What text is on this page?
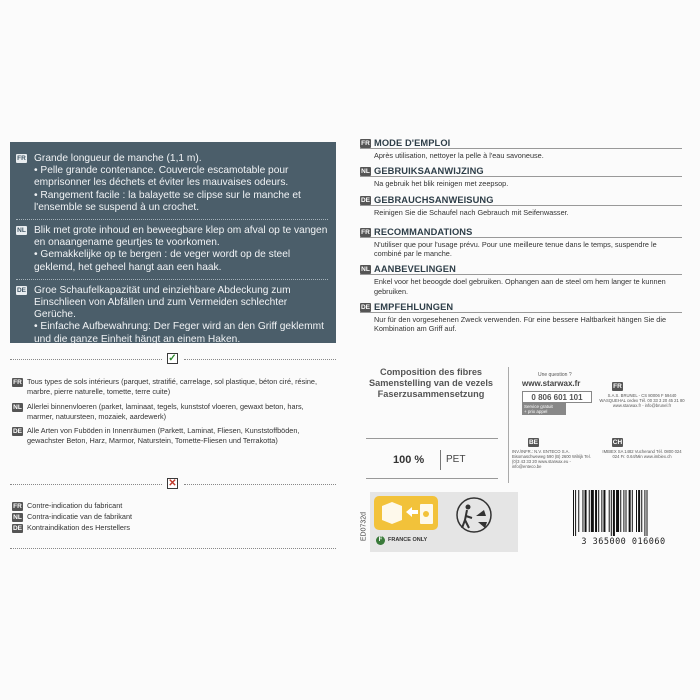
FR Grande longueur de manche (1,1 m).

• Pelle grande contenance. Couvercle escamotable pour emprisonner les déchets et éviter les mauvaises odeurs.

• Rangement facile : la balayette se clipse sur le manche et l'ensemble se suspend à un crochet.

NL Blik met grote inhoud en beweegbare klep om afval op te vangen en onaangename geurtjes te voorkomen.

• Gemakkelijke op te bergen : de veger wordt op de steel geklemd, het geheel hangt aan een haak.

DE Groe Schaufelkapazität und einziehbare Abdeckung zum Einschlieen von Abfällen und zum Vermeiden schlechter Gerüche.

• Einfache Aufbewahrung: Der Feger wird an den Griff geklemmt und die ganze Einheit hängt an einem Haken.

✓
FR Tous types de sols intérieurs (parquet, stratifié, carrelage, sol plastique, béton ciré, résine, marbre, pierre naturelle, tomette, terre cuite)

NL Allerlei binnenvloeren (parket, laminaat, tegels, kunststof vloeren, gewaxt beton, hars, marmer, natuursteen, mozaiek, aardewerk)

DE Alle Arten von Fuböden in Innenräumen (Parkett, Laminat, Fliesen, Kunststoffböden, gewachster Beton, Harz, Marmor, Naturstein, Tomette-Fliesen und Terrakotta)

✕
FR Contre-indication du fabricant

NL Contra-indicatie van de fabrikant

DE Kontraindikation des Herstellers

FR MODE D'EMPLOI
Après utilisation, nettoyer la pelle à l'eau savoneuse.
NL GEBRUIKSAANWIJZING
Na gebruik het blik reinigen met zeepsop.
DE GEBRAUCHSANWEISUNG
Reinigen Sie die Schaufel nach Gebrauch mit Seifenwasser.
FR RECOMMANDATIONS
N'utiliser que pour l'usage prévu. Pour une meilleure tenue dans le temps, suspendre le combiné par le manche.
NL AANBEVELINGEN
Enkel voor het beoogde doel gebruiken. Ophangen aan de steel om hem langer te kunnen gebruiken.
DE EMPFEHLUNGEN
Nur für den vorgesehenen Zweck verwenden. Für eine bessere Haltbarkeit hängen Sie die Kombination am Griff auf.
Composition des fibres
Samenstelling van de vezels
Faserzusammensetzung
100 % PET
Une question ?
www.starwax.fr
0 806 601 101
Service gratuit
+ prix appel
FR
S.A.S. BRUNEL - CS 80006 F 59440 WASQUEHAL cedex Tél. 00 33 3 20 45 21 80 www.starwax.fr - info@brunel.fr
BE
INV./INFR.: N.V. ENTECO S.A. Bisomaschweweg 590 (B) 2600 Wilrijk Tel. (0)3 43 33 20 www.starwax.eu - info@enteco.be
CH
IMBIEX SA 1482 Vucherand Tél. 0800 024 024 Fr. 0.64/Min www.imbiex.ch
F	FRANCE ONLY
ED0732d
3 365000 016060
